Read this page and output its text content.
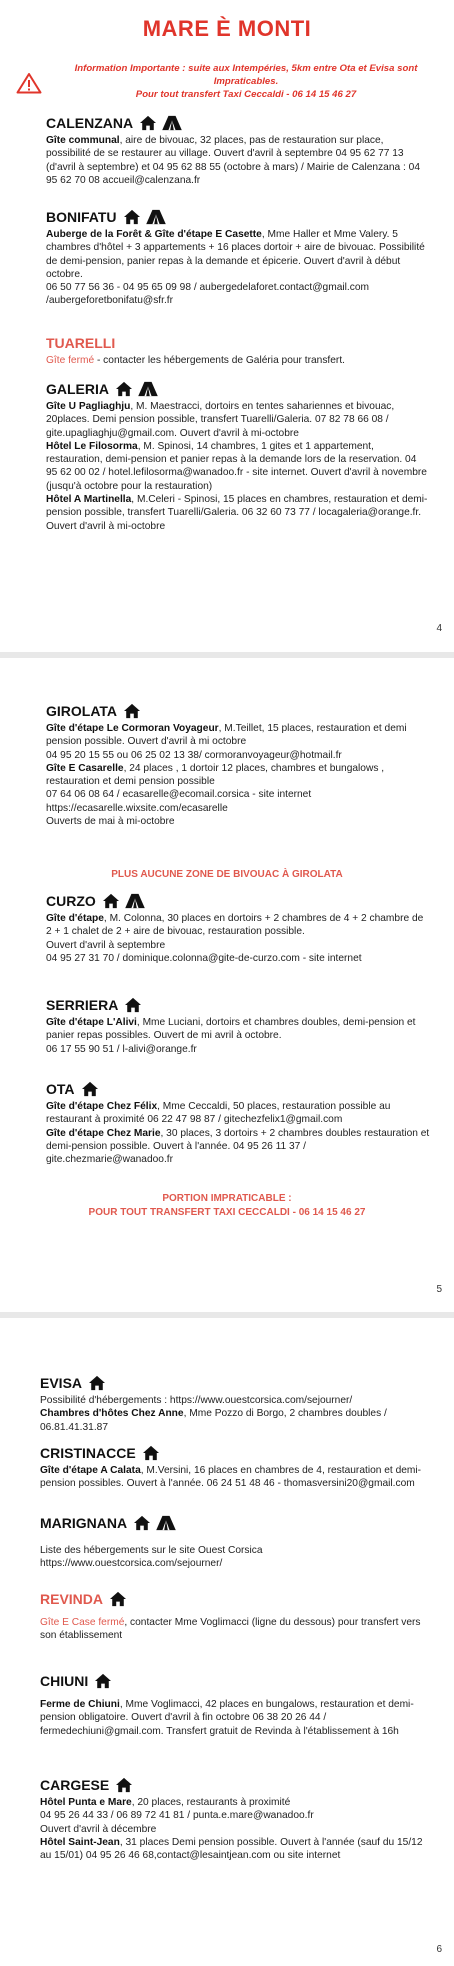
MARE È MONTI
Information Importante : suite aux Intempéries, 5km entre Ota et Evisa sont
Impraticables.
Pour tout transfert Taxi Ceccaldi - 06 14 15 46 27
CALENZANA
Gîte communal, aire de bivouac, 32 places, pas de restauration sur place, possibilité de se restaurer au village. Ouvert d'avril à septembre 04 95 62 77 13 (d'avril à septembre) et 04 95 62 88 55 (octobre à mars) / Mairie de Calenzana : 04 95 62 70 08 accueil@calenzana.fr
BONIFATU
Auberge de la Forêt & Gîte d'étape E Casette, Mme Haller et Mme Valery. 5 chambres d'hôtel + 3 appartements + 16 places dortoir + aire de bivouac. Possibilité de demi-pension, panier repas à la demande et épicerie. Ouvert d'avril à début octobre.
06 50 77 56 36 - 04 95 65 09 98 / aubergedelaforet.contact@gmail.com /aubergeforetbonifatu@sfr.fr
TUARELLI
Gîte fermé - contacter les hébergements de Galéria pour transfert.
GALERIA
Gîte U Pagliaghju, M. Maestracci, dortoirs en tentes sahariennes et bivouac, 20places. Demi pension possible, transfert Tuarelli/Galeria. 07 82 78 66 08 / gite.upagliaghju@gmail.com. Ouvert d'avril à mi-octobre
Hôtel Le Filosorma, M. Spinosi, 14 chambres, 1 gites et 1 appartement, restauration, demi-pension et panier repas à la demande lors de la reservation. 04 95 62 00 02 / hotel.lefilosorma@wanadoo.fr - site internet. Ouvert d'avril à novembre (jusqu'à octobre pour la restauration)
Hôtel A Martinella, M.Celeri - Spinosi, 15 places en chambres, restauration et demi-pension possible, transfert Tuarelli/Galeria. 06 32 60 73 77 / locagaleria@orange.fr. Ouvert d'avril à mi-octobre
4
GIROLATA
Gîte d'étape Le Cormoran Voyageur, M.Teillet, 15 places, restauration et demi pension possible. Ouvert d'avril à mi octobre
04 95 20 15 55 ou 06 25 02 13 38/ cormoranvoyageur@hotmail.fr
Gîte E Casarelle, 24 places , 1 dortoir 12 places, chambres et bungalows , restauration et demi pension possible
07 64 06 08 64 / ecasarelle@ecomail.corsica - site internet
https://ecasarelle.wixsite.com/ecasarelle
Ouverts de mai à mi-octobre
PLUS AUCUNE ZONE DE BIVOUAC À GIROLATA
CURZO
Gîte d'étape, M. Colonna, 30 places en dortoirs + 2 chambres de 4 + 2 chambre de 2 + 1 chalet de 2 + aire de bivouac, restauration possible.
Ouvert d'avril à septembre
04 95 27 31 70 / dominique.colonna@gite-de-curzo.com - site internet
SERRIERA
Gîte d'étape L'Alivi, Mme Luciani, dortoirs et chambres doubles, demi-pension et panier repas possibles. Ouvert de mi avril à octobre.
06 17 55 90 51 / l-alivi@orange.fr
OTA
Gîte d'étape Chez Félix, Mme Ceccaldi, 50 places, restauration possible au restaurant à proximité 06 22 47 98 87 / gitechezfelix1@gmail.com
Gîte d'étape Chez Marie, 30 places, 3 dortoirs + 2 chambres doubles restauration et demi-pension possible. Ouvert à l'année. 04 95 26 11 37 / gite.chezmarie@wanadoo.fr
PORTION IMPRATICABLE :
POUR TOUT TRANSFERT TAXI CECCALDI - 06 14 15 46 27
5
EVISA
Possibilité d'hébergements : https://www.ouestcorsica.com/sejourner/
Chambres d'hôtes Chez Anne, Mme Pozzo di Borgo, 2 chambres doubles / 06.81.41.31.87
CRISTINACCE
Gîte d'étape A Calata, M.Versini, 16 places en chambres de 4, restauration et demi-pension possibles. Ouvert à l'année. 06 24 51 48 46 - thomasversini20@gmail.com
MARIGNANA
Liste des hébergements sur le site Ouest Corsica https://www.ouestcorsica.com/sejourner/
REVINDA
Gîte E Case fermé, contacter Mme Voglimacci (ligne du dessous) pour transfert vers son établissement
CHIUNI
Ferme de Chiuni, Mme Voglimacci, 42 places en bungalows, restauration et demi-pension obligatoire. Ouvert d'avril à fin octobre 06 38 20 26 44 / fermedechiuni@gmail.com. Transfert gratuit de Revinda à l'établissement à 16h
CARGESE
Hôtel Punta e Mare, 20 places, restaurants à proximité
04 95 26 44 33 / 06 89 72 41 81 / punta.e.mare@wanadoo.fr
Ouvert d'avril à décembre
Hôtel Saint-Jean, 31 places Demi pension possible. Ouvert à l'année (sauf du 15/12 au 15/01) 04 95 26 46 68,contact@lesaintjean.com ou site internet
6
